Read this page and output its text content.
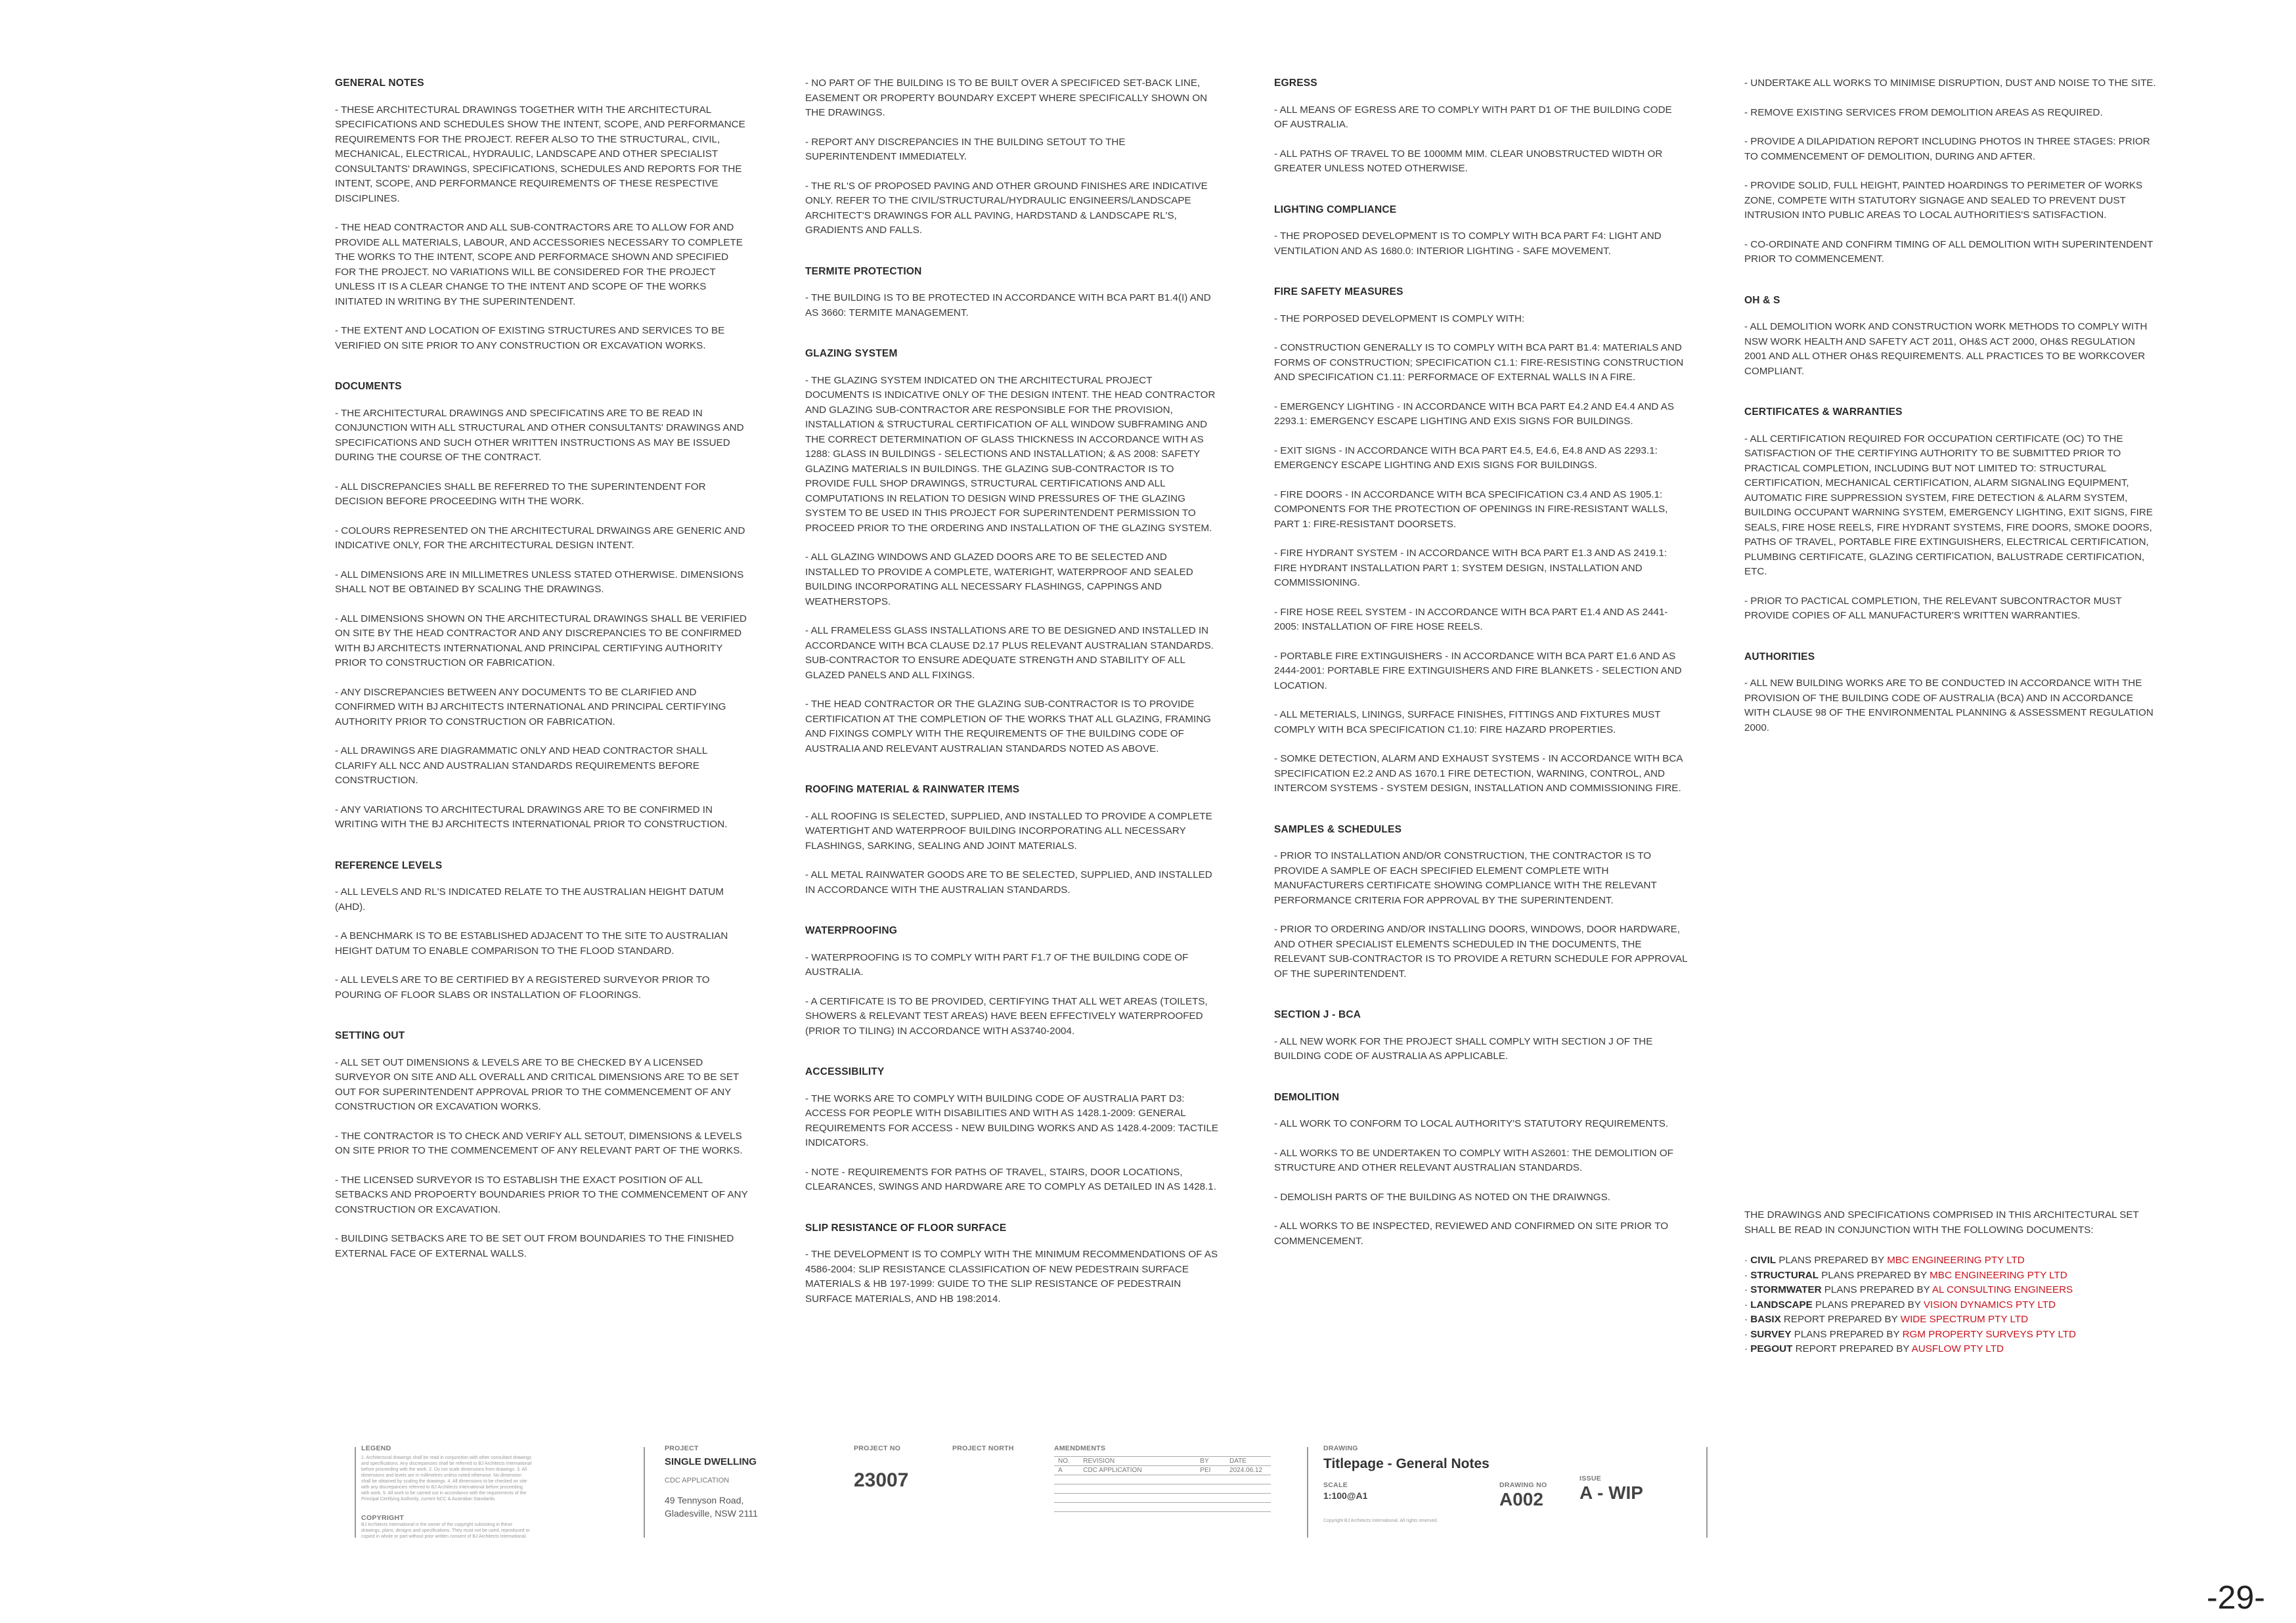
GENERAL NOTES
- THESE ARCHITECTURAL DRAWINGS TOGETHER WITH THE ARCHITECTURAL SPECIFICATIONS AND SCHEDULES SHOW THE INTENT, SCOPE, AND PERFORMANCE REQUIREMENTS FOR THE PROJECT. REFER ALSO TO THE STRUCTURAL, CIVIL, MECHANICAL, ELECTRICAL, HYDRAULIC, LANDSCAPE AND OTHER SPECIALIST CONSULTANTS' DRAWINGS, SPECIFICATIONS, SCHEDULES AND REPORTS FOR THE INTENT, SCOPE, AND PERFORMANCE REQUIREMENTS OF THESE RESPECTIVE DISCIPLINES.
- THE HEAD CONTRACTOR AND ALL SUB-CONTRACTORS ARE TO ALLOW FOR AND PROVIDE ALL MATERIALS, LABOUR, AND ACCESSORIES NECESSARY TO COMPLETE THE WORKS TO THE INTENT, SCOPE AND PERFORMACE SHOWN AND SPECIFIED FOR THE PROJECT. NO VARIATIONS WILL BE CONSIDERED FOR THE PROJECT UNLESS IT IS A CLEAR CHANGE TO THE INTENT AND SCOPE OF THE WORKS INITIATED IN WRITING BY THE SUPERINTENDENT.
- THE EXTENT AND LOCATION OF EXISTING STRUCTURES AND SERVICES TO BE VERIFIED ON SITE PRIOR TO ANY CONSTRUCTION OR EXCAVATION WORKS.
DOCUMENTS
- THE ARCHITECTURAL DRAWINGS AND SPECIFICATINS ARE TO BE READ IN CONJUNCTION WITH ALL STRUCTURAL AND OTHER CONSULTANTS' DRAWINGS AND SPECIFICATIONS AND SUCH OTHER WRITTEN INSTRUCTIONS AS MAY BE ISSUED DURING THE COURSE OF THE CONTRACT.
- ALL DISCREPANCIES SHALL BE REFERRED TO THE SUPERINTENDENT FOR DECISION BEFORE PROCEEDING WITH THE WORK.
- COLOURS REPRESENTED ON THE ARCHITECTURAL DRWAINGS ARE GENERIC AND INDICATIVE ONLY, FOR THE ARCHITECTURAL DESIGN INTENT.
- ALL DIMENSIONS ARE IN MILLIMETRES UNLESS STATED OTHERWISE. DIMENSIONS SHALL NOT BE OBTAINED BY SCALING THE DRAWINGS.
- ALL DIMENSIONS SHOWN ON THE ARCHITECTURAL DRAWINGS SHALL BE VERIFIED ON SITE BY THE HEAD CONTRACTOR AND ANY DISCREPANCIES TO BE CONFIRMED WITH BJ ARCHITECTS INTERNATIONAL AND PRINCIPAL CERTIFYING AUTHORITY PRIOR TO CONSTRUCTION OR FABRICATION.
- ANY DISCREPANCIES BETWEEN ANY DOCUMENTS TO BE CLARIFIED AND CONFIRMED WITH BJ ARCHITECTS INTERNATIONAL AND PRINCIPAL CERTIFYING AUTHORITY PRIOR TO CONSTRUCTION OR FABRICATION.
- ALL DRAWINGS ARE DIAGRAMMATIC ONLY AND HEAD CONTRACTOR SHALL CLARIFY ALL NCC AND AUSTRALIAN STANDARDS REQUIREMENTS BEFORE CONSTRUCTION.
- ANY VARIATIONS TO ARCHITECTURAL DRAWINGS ARE TO BE CONFIRMED IN WRITING WITH THE BJ ARCHITECTS INTERNATIONAL PRIOR TO CONSTRUCTION.
REFERENCE LEVELS
- ALL LEVELS AND RL'S INDICATED RELATE TO THE AUSTRALIAN HEIGHT DATUM (AHD).
- A BENCHMARK IS TO BE ESTABLISHED ADJACENT TO THE SITE TO AUSTRALIAN HEIGHT DATUM TO ENABLE COMPARISON TO THE FLOOD STANDARD.
- ALL LEVELS ARE TO BE CERTIFIED BY A REGISTERED SURVEYOR PRIOR TO POURING OF FLOOR SLABS OR INSTALLATION OF FLOORINGS.
SETTING OUT
- ALL SET OUT DIMENSIONS & LEVELS ARE TO BE CHECKED BY A LICENSED SURVEYOR ON SITE AND ALL OVERALL AND CRITICAL DIMENSIONS ARE TO BE SET OUT FOR SUPERINTENDENT APPROVAL PRIOR TO THE COMMENCEMENT OF ANY CONSTRUCTION OR EXCAVATION WORKS.
- THE CONTRACTOR IS TO CHECK AND VERIFY ALL SETOUT, DIMENSIONS & LEVELS ON SITE PRIOR TO THE COMMENCEMENT OF ANY RELEVANT PART OF THE WORKS.
- THE LICENSED SURVEYOR IS TO ESTABLISH THE EXACT POSITION OF ALL SETBACKS AND PROPOERTY BOUNDARIES PRIOR TO THE COMMENCEMENT OF ANY CONSTRUCTION OR EXCAVATION.
- BUILDING SETBACKS ARE TO BE SET OUT FROM BOUNDARIES TO THE FINISHED EXTERNAL FACE OF EXTERNAL WALLS.
- NO PART OF THE BUILDING IS TO BE BUILT OVER A SPECIFICED SET-BACK LINE, EASEMENT OR PROPERTY BOUNDARY EXCEPT WHERE SPECIFICALLY SHOWN ON THE DRAWINGS.
- REPORT ANY DISCREPANCIES IN THE BUILDING SETOUT TO THE SUPERINTENDENT IMMEDIATELY.
- THE RL'S OF PROPOSED PAVING AND OTHER GROUND FINISHES ARE INDICATIVE ONLY. REFER TO THE CIVIL/STRUCTURAL/HYDRAULIC ENGINEERS/LANDSCAPE ARCHITECT'S DRAWINGS FOR ALL PAVING, HARDSTAND & LANDSCAPE RL'S, GRADIENTS AND FALLS.
TERMITE PROTECTION
- THE BUILDING IS TO BE PROTECTED IN ACCORDANCE WITH BCA PART B1.4(I) AND AS 3660: TERMITE MANAGEMENT.
GLAZING SYSTEM
- THE GLAZING SYSTEM INDICATED ON THE ARCHITECTURAL PROJECT DOCUMENTS IS INDICATIVE ONLY OF THE DESIGN INTENT. THE HEAD CONTRACTOR AND GLAZING SUB-CONTRACTOR ARE RESPONSIBLE FOR THE PROVISION, INSTALLATION & STRUCTURAL CERTIFICATION OF ALL WINDOW SUBFRAMING AND THE CORRECT DETERMINATION OF GLASS THICKNESS IN ACCORDANCE WITH AS 1288: GLASS IN BUILDINGS - SELECTIONS AND INSTALLATION; & AS 2008: SAFETY GLAZING MATERIALS IN BUILDINGS. THE GLAZING SUB-CONTRACTOR IS TO PROVIDE FULL SHOP DRAWINGS, STRUCTURAL CERTIFICATIONS AND ALL COMPUTATIONS IN RELATION TO DESIGN WIND PRESSURES OF THE GLAZING SYSTEM TO BE USED IN THIS PROJECT FOR SUPERINTENDENT PERMISSION TO PROCEED PRIOR TO THE ORDERING AND INSTALLATION OF THE GLAZING SYSTEM.
- ALL GLAZING WINDOWS AND GLAZED DOORS ARE TO BE SELECTED AND INSTALLED TO PROVIDE A COMPLETE, WATERIGHT, WATERPROOF AND SEALED BUILDING INCORPORATING ALL NECESSARY FLASHINGS, CAPPINGS AND WEATHERSTOPS.
- ALL FRAMELESS GLASS INSTALLATIONS ARE TO BE DESIGNED AND INSTALLED IN ACCORDANCE WITH BCA CLAUSE D2.17 PLUS RELEVANT AUSTRALIAN STANDARDS. SUB-CONTRACTOR TO ENSURE ADEQUATE STRENGTH AND STABILITY OF ALL GLAZED PANELS AND ALL FIXINGS.
- THE HEAD CONTRACTOR OR THE GLAZING SUB-CONTRACTOR IS TO PROVIDE CERTIFICATION AT THE COMPLETION OF THE WORKS THAT ALL GLAZING, FRAMING AND FIXINGS COMPLY WITH THE REQUIREMENTS OF THE BUILDING CODE OF AUSTRALIA AND RELEVANT AUSTRALIAN STANDARDS NOTED AS ABOVE.
ROOFING MATERIAL & RAINWATER ITEMS
- ALL ROOFING IS SELECTED, SUPPLIED, AND INSTALLED TO PROVIDE A COMPLETE WATERTIGHT AND WATERPROOF BUILDING INCORPORATING ALL NECESSARY FLASHINGS, SARKING, SEALING AND JOINT MATERIALS.
- ALL METAL RAINWATER GOODS ARE TO BE SELECTED, SUPPLIED, AND INSTALLED IN ACCORDANCE WITH THE AUSTRALIAN STANDARDS.
WATERPROOFING
- WATERPROOFING IS TO COMPLY WITH PART F1.7 OF THE BUILDING CODE OF AUSTRALIA.
- A CERTIFICATE IS TO BE PROVIDED, CERTIFYING THAT ALL WET AREAS (TOILETS, SHOWERS & RELEVANT TEST AREAS) HAVE BEEN EFFECTIVELY WATERPROOFED (PRIOR TO TILING) IN ACCORDANCE WITH AS3740-2004.
ACCESSIBILITY
- THE WORKS ARE TO COMPLY WITH BUILDING CODE OF AUSTRALIA PART D3: ACCESS FOR PEOPLE WITH DISABILITIES AND WITH AS 1428.1-2009: GENERAL REQUIREMENTS FOR ACCESS - NEW BUILDING WORKS AND AS 1428.4-2009: TACTILE INDICATORS.
- NOTE - REQUIREMENTS FOR PATHS OF TRAVEL, STAIRS, DOOR LOCATIONS, CLEARANCES, SWINGS AND HARDWARE ARE TO COMPLY AS DETAILED IN AS 1428.1.
SLIP RESISTANCE OF FLOOR SURFACE
- THE DEVELOPMENT IS TO COMPLY WITH THE MINIMUM RECOMMENDATIONS OF AS 4586-2004: SLIP RESISTANCE CLASSIFICATION OF NEW PEDESTRAIN SURFACE MATERIALS & HB 197-1999: GUIDE TO THE SLIP RESISTANCE OF PEDESTRAIN SURFACE MATERIALS, AND HB 198:2014.
EGRESS
- ALL MEANS OF EGRESS ARE TO COMPLY WITH PART D1 OF THE BUILDING CODE OF AUSTRALIA.
- ALL PATHS OF TRAVEL TO BE 1000MM MIM. CLEAR UNOBSTRUCTED WIDTH OR GREATER UNLESS NOTED OTHERWISE.
LIGHTING COMPLIANCE
- THE PROPOSED DEVELOPMENT IS TO COMPLY WITH BCA PART F4: LIGHT AND VENTILATION AND AS 1680.0: INTERIOR LIGHTING - SAFE MOVEMENT.
FIRE SAFETY MEASURES
- THE PORPOSED DEVELOPMENT IS COMPLY WITH:
- CONSTRUCTION GENERALLY IS TO COMPLY WITH BCA PART B1.4: MATERIALS AND FORMS OF CONSTRUCTION; SPECIFICATION C1.1: FIRE-RESISTING CONSTRUCTION AND SPECIFICATION C1.11: PERFORMACE OF EXTERNAL WALLS IN A FIRE.
- EMERGENCY LIGHTING - IN ACCORDANCE WITH BCA PART E4.2 AND E4.4 AND AS 2293.1: EMERGENCY ESCAPE LIGHTING AND EXIS SIGNS FOR BUILDINGS.
- EXIT SIGNS - IN ACCORDANCE WITH BCA PART E4.5, E4.6, E4.8 AND AS 2293.1: EMERGENCY ESCAPE LIGHTING AND EXIS SIGNS FOR BUILDINGS.
- FIRE DOORS - IN ACCORDANCE WITH BCA SPECIFICATION C3.4 AND AS 1905.1: COMPONENTS FOR THE PROTECTION OF OPENINGS IN FIRE-RESISTANT WALLS, PART 1: FIRE-RESISTANT DOORSETS.
- FIRE HYDRANT SYSTEM - IN ACCORDANCE WITH BCA PART E1.3 AND AS 2419.1: FIRE HYDRANT INSTALLATION PART 1: SYSTEM DESIGN, INSTALLATION AND COMMISSIONING.
- FIRE HOSE REEL SYSTEM - IN ACCORDANCE WITH BCA PART E1.4 AND AS 2441-2005: INSTALLATION OF FIRE HOSE REELS.
- PORTABLE FIRE EXTINGUISHERS - IN ACCORDANCE WITH BCA PART E1.6 AND AS 2444-2001: PORTABLE FIRE EXTINGUISHERS AND FIRE BLANKETS - SELECTION AND LOCATION.
- ALL METERIALS, LININGS, SURFACE FINISHES, FITTINGS AND FIXTURES MUST COMPLY WITH BCA SPECIFICATION C1.10: FIRE HAZARD PROPERTIES.
- SOMKE DETECTION, ALARM AND EXHAUST SYSTEMS - IN ACCORDANCE WITH BCA SPECIFICATION E2.2 AND AS 1670.1 FIRE DETECTION, WARNING, CONTROL, AND INTERCOM SYSTEMS - SYSTEM DESIGN, INSTALLATION AND COMMISSIONING FIRE.
SAMPLES & SCHEDULES
- PRIOR TO INSTALLATION AND/OR CONSTRUCTION, THE CONTRACTOR IS TO PROVIDE A SAMPLE OF EACH SPECIFIED ELEMENT COMPLETE WITH MANUFACTURERS CERTIFICATE SHOWING COMPLIANCE WITH THE RELEVANT PERFORMANCE CRITERIA FOR APPROVAL BY THE SUPERINTENDENT.
- PRIOR TO ORDERING AND/OR INSTALLING DOORS, WINDOWS, DOOR HARDWARE, AND OTHER SPECIALIST ELEMENTS SCHEDULED IN THE DOCUMENTS, THE RELEVANT SUB-CONTRACTOR IS TO PROVIDE A RETURN SCHEDULE FOR APPROVAL OF THE SUPERINTENDENT.
SECTION J - BCA
- ALL NEW WORK FOR THE PROJECT SHALL COMPLY WITH SECTION J OF THE BUILDING CODE OF AUSTRALIA AS APPLICABLE.
DEMOLITION
- ALL WORK TO CONFORM TO LOCAL AUTHORITY'S STATUTORY REQUIREMENTS.
- ALL WORKS TO BE UNDERTAKEN TO COMPLY WITH AS2601: THE DEMOLITION OF STRUCTURE AND OTHER RELEVANT AUSTRALIAN STANDARDS.
- DEMOLISH PARTS OF THE BUILDING AS NOTED ON THE DRAIWNGS.
- ALL WORKS TO BE INSPECTED, REVIEWED AND CONFIRMED ON SITE PRIOR TO COMMENCEMENT.
- UNDERTAKE ALL WORKS TO MINIMISE DISRUPTION, DUST AND NOISE TO THE SITE.
- REMOVE EXISTING SERVICES FROM DEMOLITION AREAS AS REQUIRED.
- PROVIDE A DILAPIDATION REPORT INCLUDING PHOTOS IN THREE STAGES: PRIOR TO COMMENCEMENT OF DEMOLITION, DURING AND AFTER.
- PROVIDE SOLID, FULL HEIGHT, PAINTED HOARDINGS TO PERIMETER OF WORKS ZONE, COMPETE WITH STATUTORY SIGNAGE AND SEALED TO PREVENT DUST INTRUSION INTO PUBLIC AREAS TO LOCAL AUTHORITIES'S SATISFACTION.
- CO-ORDINATE AND CONFIRM TIMING OF ALL DEMOLITION WITH SUPERINTENDENT PRIOR TO COMMENCEMENT.
OH & S
- ALL DEMOLITION WORK AND CONSTRUCTION WORK METHODS TO COMPLY WITH NSW WORK HEALTH AND SAFETY ACT 2011, OH&S ACT 2000, OH&S REGULATION 2001 AND ALL OTHER OH&S REQUIREMENTS. ALL PRACTICES TO BE WORKCOVER COMPLIANT.
CERTIFICATES & WARRANTIES
- ALL CERTIFICATION REQUIRED FOR OCCUPATION CERTIFICATE (OC) TO THE SATISFACTION OF THE CERTIFYING AUTHORITY TO BE SUBMITTED PRIOR TO PRACTICAL COMPLETION, INCLUDING BUT NOT LIMITED TO: STRUCTURAL CERTIFICATION, MECHANICAL CERTIFICATION, ALARM SIGNALING EQUIPMENT, AUTOMATIC FIRE SUPPRESSION SYSTEM, FIRE DETECTION & ALARM SYSTEM, BUILDING OCCUPANT WARNING SYSTEM, EMERGENCY LIGHTING, EXIT SIGNS, FIRE SEALS, FIRE HOSE REELS, FIRE HYDRANT SYSTEMS, FIRE DOORS, SMOKE DOORS, PATHS OF TRAVEL, PORTABLE FIRE EXTINGUISHERS, ELECTRICAL CERTIFICATION, PLUMBING CERTIFICATE, GLAZING CERTIFICATION, BALUSTRADE CERTIFICATION, ETC.
- PRIOR TO PACTICAL COMPLETION, THE RELEVANT SUBCONTRACTOR MUST PROVIDE COPIES OF ALL MANUFACTURER'S WRITTEN WARRANTIES.
AUTHORITIES
- ALL NEW BUILDING WORKS ARE TO BE CONDUCTED IN ACCORDANCE WITH THE PROVISION OF THE BUILDING CODE OF AUSTRALIA (BCA) AND IN ACCORDANCE WITH CLAUSE 98 OF THE ENVIRONMENTAL PLANNING & ASSESSMENT REGULATION 2000.
THE DRAWINGS AND SPECIFICATIONS COMPRISED IN THIS ARCHITECTURAL SET SHALL BE READ IN CONJUNCTION WITH THE FOLLOWING DOCUMENTS:
· CIVIL PLANS PREPARED BY MBC ENGINEERING PTY LTD
· STRUCTURAL PLANS PREPARED BY MBC ENGINEERING PTY LTD
· STORMWATER PLANS PREPARED BY AL CONSULTING ENGINEERS
· LANDSCAPE PLANS PREPARED BY VISION DYNAMICS PTY LTD
· BASIX REPORT PREPARED BY WIDE SPECTRUM PTY LTD
· SURVEY PLANS PREPARED BY RGM PROPERTY SURVEYS PTY LTD
· PEGOUT REPORT PREPARED BY AUSFLOW PTY LTD
LEGEND
1. Architectural drawings shall be read in conjunction with other consultant drawings and specifications. Any discrepancies shall be referred to BJ Architects International before proceeding with the work. 2. Do not scale dimensions from drawings. 3. All dimensions and levels are in millimetres unless noted otherwise. No dimension shall be obtained by scaling the drawings. 4. All dimensions to be checked on site with any discrepancies referred to BJ Architects International before proceeding with work. 5. All work to be carried out in accordance with the requirements of the Principal Certifying Authority, current NCC & Australian Standards.
COPYRIGHT
BJ Architects International is the owner of the copyright subsisting in these drawings, plans, designs and specifications. They must not be used, reproduced or copied in whole or part without prior written consent of BJ Architects International.
PROJECT
SINGLE DWELLING
CDC APPLICATION
49 Tennyson Road,
Gladesville, NSW 2111
PROJECT NO
23007
PROJECT NORTH	AMENDMENTS
NO.	REVISION	BY	DATE
A	CDC APPLICATION	PEI	2024.06.12

DRAWING
Titlepage - General Notes
SCALE
1:100@A1
DRAWING NO
A002
ISSUE
A - WIP
Copyright BJ Architects International. All rights reserved.
-29-
